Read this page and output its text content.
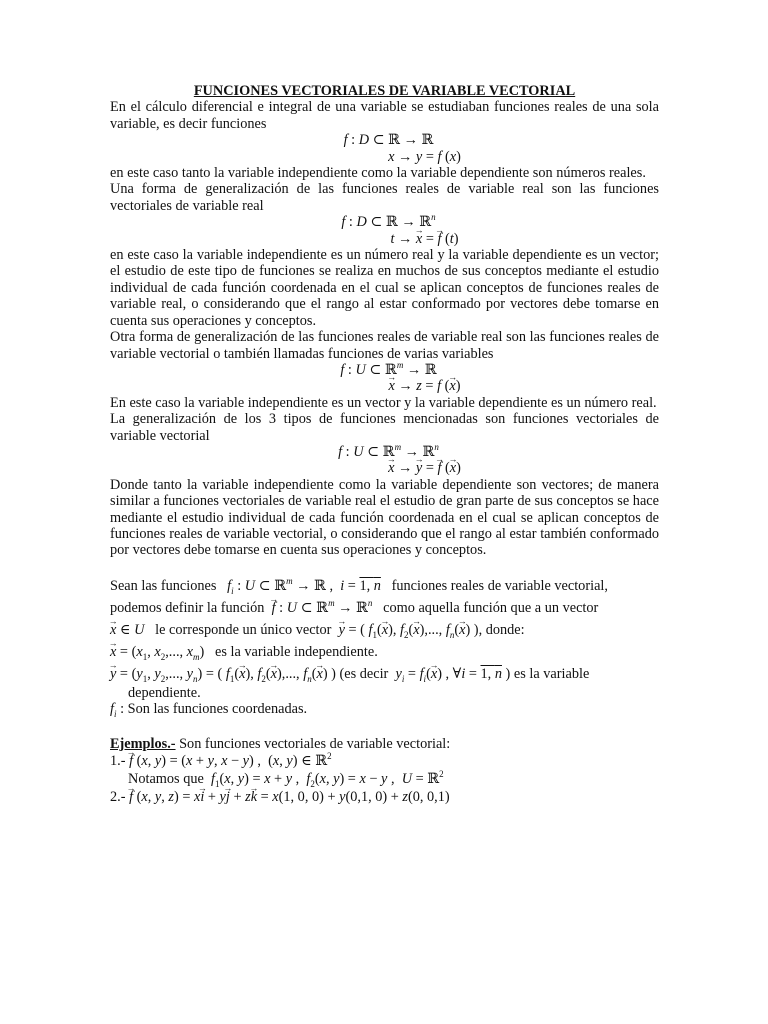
FUNCIONES VECTORIALES DE VARIABLE VECTORIAL

En el cálculo diferencial e integral de una variable se estudiaban funciones reales de una sola variable, es decir funciones

f : D ⊂ ℝ → ℝ
x → y = f (x)

en este caso tanto la variable independiente como la variable dependiente son números reales.

Una forma de generalización de las funciones reales de variable real son las funciones vectoriales de variable real

f : D ⊂ ℝ → ℝ$^n$
t → → x = → f (t)

en este caso la variable independiente es un número real y la variable dependiente es un vector; el estudio de este tipo de funciones se realiza en muchos de sus conceptos mediante el estudio individual de cada función coordenada en el cual se aplican conceptos de funciones reales de variable real, o considerando que el rango al estar conformado por vectores debe tomarse en cuenta sus operaciones y conceptos.

Otra forma de generalización de las funciones reales de variable real son las funciones reales de variable vectorial o también llamadas funciones de varias variables

f : U ⊂ ℝ$^m$ → ℝ
→ x → z = f (→ x)

En este caso la variable independiente es un vector y la variable dependiente es un número real.

La generalización de los 3 tipos de funciones mencionadas son funciones vectoriales de variable vectorial

f : U ⊂ ℝ$^m$ → ℝ$^n$
→ x → → y = → f (→ x)

Donde tanto la variable independiente como la variable dependiente son vectores; de manera similar a funciones vectoriales de variable real el estudio de gran parte de sus conceptos se hace mediante el estudio individual de cada función coordenada en el cual se aplican conceptos de funciones reales de variable vectorial, o considerando que el rango al estar también conformado por vectores debe tomarse en cuenta sus operaciones y conceptos.

Sean las funciones $f_i$ : U ⊂ ℝ$^m$ → ℝ ,  i = 1, n funciones reales de variable vectorial,

podemos definir la función → f : U ⊂ ℝ$^m$ → ℝ$^n$ como aquella función que a un vector

→ x ∈ U le corresponde un único vector → y = ( $f_1(\to x)$, $f_2(\to x)$,..., $f_n(\to x)$ ), donde:

→ $x = (x_1$, $x_2$,..., $x_m$)   es la variable independiente.

→ $y = (y_1$, $y_2$,..., $y_n$) = ( $f_1(\to x)$, $f_2(\to x)$,..., $f_n(\to x)$ ) (es decir $y_i = f_i(\to x)$ , ∀i = 1, n ) es la variable

dependiente.

$f_i$ : Son las funciones coordenadas.

Ejemplos.- Son funciones vectoriales de variable vectorial:

1.- → f (x, y) = (x + y, x − y) ,  (x, y) ∈ ℝ$^2$

Notamos que $f_1(x$, y) = x + y ,  $f_2(x$, y) = x − y ,  U = ℝ$^2$

2.- → f (x, y, z) = x→ i + y→ j + z→ k = x(1, 0, 0) + y(0,1, 0) + z(0, 0,1)
